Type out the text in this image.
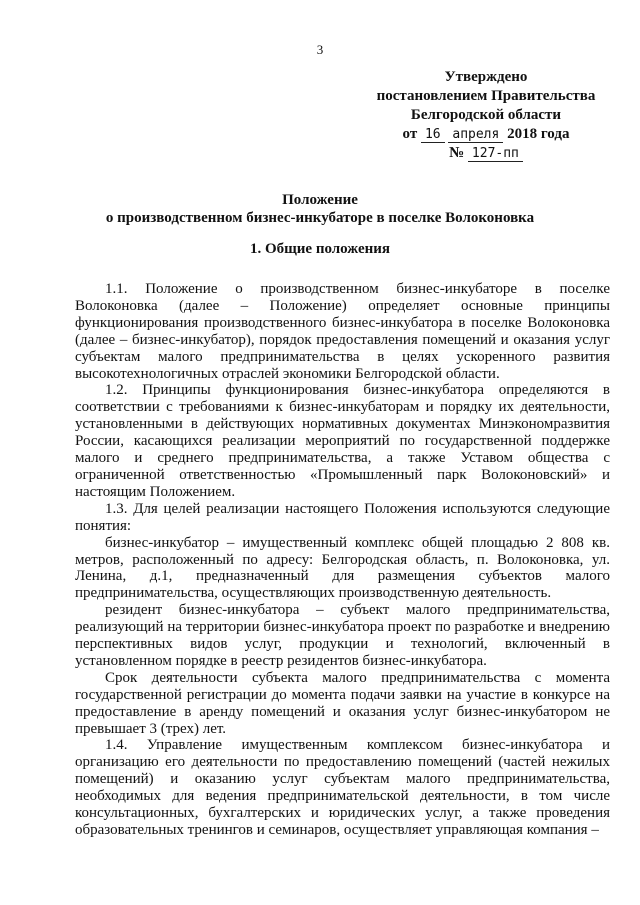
3
Утверждено
постановлением Правительства
Белгородской области
от 16 апреля 2018 года
№ 127-пп
Положение
о производственном бизнес-инкубаторе в поселке Волоконовка
1. Общие положения

1.1. Положение о производственном бизнес-инкубаторе в поселке Волоконовка (далее – Положение) определяет основные принципы функционирования производственного бизнес-инкубатора в поселке Волоконовка (далее – бизнес-инкубатор), порядок предоставления помещений и оказания услуг субъектам малого предпринимательства в целях ускоренного развития высокотехнологичных отраслей экономики Белгородской области.

1.2. Принципы функционирования бизнес-инкубатора определяются в соответствии с требованиями к бизнес-инкубаторам и порядку их деятельности, установленными в действующих нормативных документах Минэкономразвития России, касающихся реализации мероприятий по государственной поддержке малого и среднего предпринимательства, а также Уставом общества с ограниченной ответственностью «Промышленный парк Волоконовский» и настоящим Положением.

1.3. Для целей реализации настоящего Положения используются следующие понятия:

бизнес-инкубатор – имущественный комплекс общей площадью 2 808 кв. метров, расположенный по адресу: Белгородская область, п. Волоконовка, ул. Ленина, д.1, предназначенный для размещения субъектов малого предпринимательства, осуществляющих производственную деятельность.

резидент бизнес-инкубатора – субъект малого предпринимательства, реализующий на территории бизнес-инкубатора проект по разработке и внедрению перспективных видов услуг, продукции и технологий, включенный в установленном порядке в реестр резидентов бизнес-инкубатора.

Срок деятельности субъекта малого предпринимательства с момента государственной регистрации до момента подачи заявки на участие в конкурсе на предоставление в аренду помещений и оказания услуг бизнес-инкубатором не превышает 3 (трех) лет.

1.4. Управление имущественным комплексом бизнес-инкубатора и организацию его деятельности по предоставлению помещений (частей нежилых помещений) и оказанию услуг субъектам малого предпринимательства, необходимых для ведения предпринимательской деятельности, в том числе консультационных, бухгалтерских и юридических услуг, а также проведения образовательных тренингов и семинаров, осуществляет управляющая компания –
